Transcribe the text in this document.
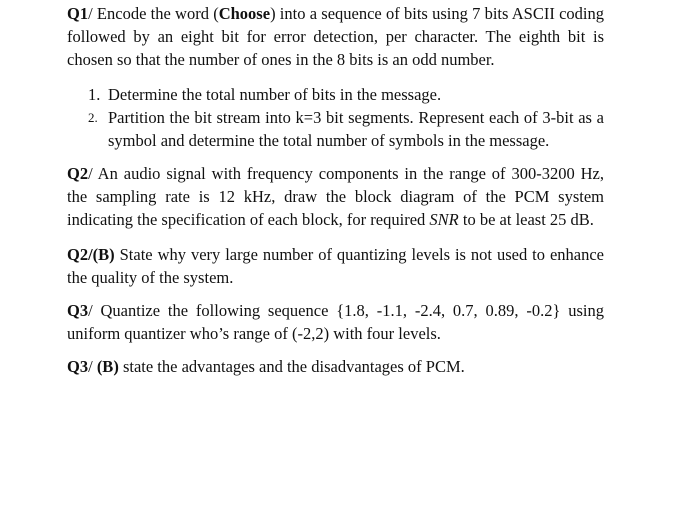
Q1/ Encode the word (Choose) into a sequence of bits using 7 bits ASCII coding followed by an eight bit for error detection, per character. The eighth bit is chosen so that the number of ones in the 8 bits is an odd number.

1. Determine the total number of bits in the message.
2. Partition the bit stream into k=3 bit segments. Represent each of 3-bit as a symbol and determine the total number of symbols in the message.

Q2/ An audio signal with frequency components in the range of 300-3200 Hz, the sampling rate is 12 kHz, draw the block diagram of the PCM system indicating the specification of each block, for required SNR to be at least 25 dB.

Q2/(B) State why very large number of quantizing levels is not used to enhance the quality of the system.

Q3/ Quantize the following sequence {1.8, -1.1, -2.4, 0.7, 0.89, -0.2} using uniform quantizer who’s range of (-2,2) with four levels.

Q3/ (B) state the advantages and the disadvantages of PCM.
